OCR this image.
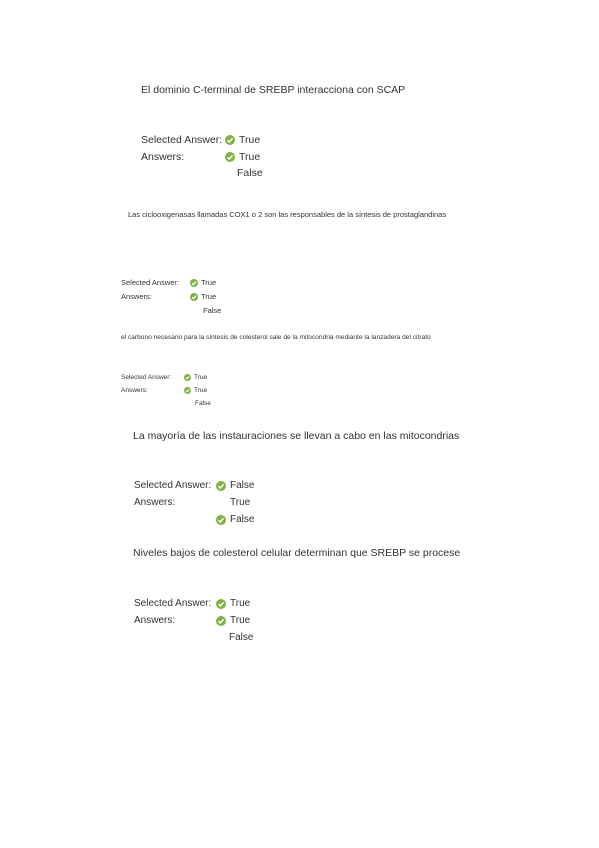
El dominio C-terminal de SREBP interacciona con SCAP
Selected Answer: True
Answers:	True
False
Las ciclooxigenasas llamadas COX1 o 2 son las responsables de la síntesis de prostaglandinas
Selected Answer:	True
Answers:	True
False
el carbono necesario para la síntesis de colesterol sale de la mitocondria mediante la lanzadera del citrato
Selected Answer:	True
Answers:	True
False
La mayoría de las instauraciones se llevan a cabo en las mitocondrias
Selected Answer: False
Answers:	True
False
Niveles bajos de colesterol celular determinan que SREBP se procese
Selected Answer: True
Answers:	True
False
